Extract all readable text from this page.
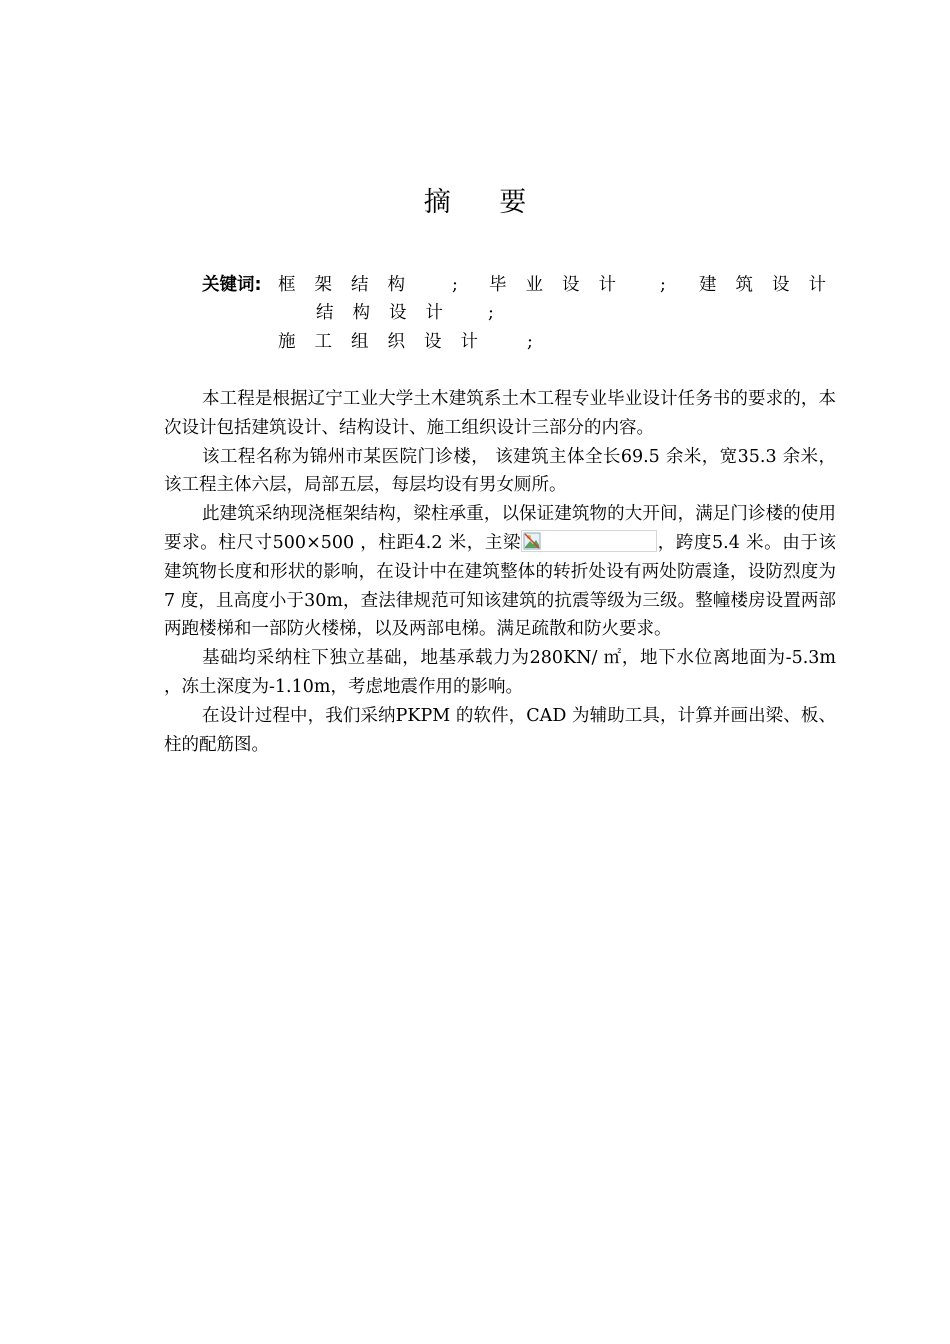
摘 要
关键词: 框架结构 ; 毕业设计 ; 建筑设计
结构设计 ;
施工组织设计 ;

本工程是根据辽宁工业大学土木建筑系土木工程专业毕业设计任务书的要求的，本次设计包括建筑设计、结构设计、施工组织设计三部分的内容。

该工程名称为锦州市某医院门诊楼， 该建筑主体全长69.5 余米，宽35.3 余米，该工程主体六层，局部五层，每层均设有男女厕所。

此建筑采纳现浇框架结构，梁柱承重，以保证建筑物的大开间，满足门诊楼的使用要求。柱尺寸500×500 ，柱距4.2 米，主梁	，跨度5.4 米。由于该建筑物长度和形状的影响，在设计中在建筑整体的转折处设有两处防震逢，设防烈度为7 度，且高度小于30m，查法律规范可知该建筑的抗震等级为三级。整幢楼房设置两部两跑楼梯和一部防火楼梯，以及两部电梯。满足疏散和防火要求。

基础均采纳柱下独立基础，地基承载力为280KN/ ㎡，地下水位离地面为-5.3m ，冻土深度为-1.10m，考虑地震作用的影响。

在设计过程中，我们采纳PKPM 的软件，CAD 为辅助工具，计算并画出梁、板、柱的配筋图。
